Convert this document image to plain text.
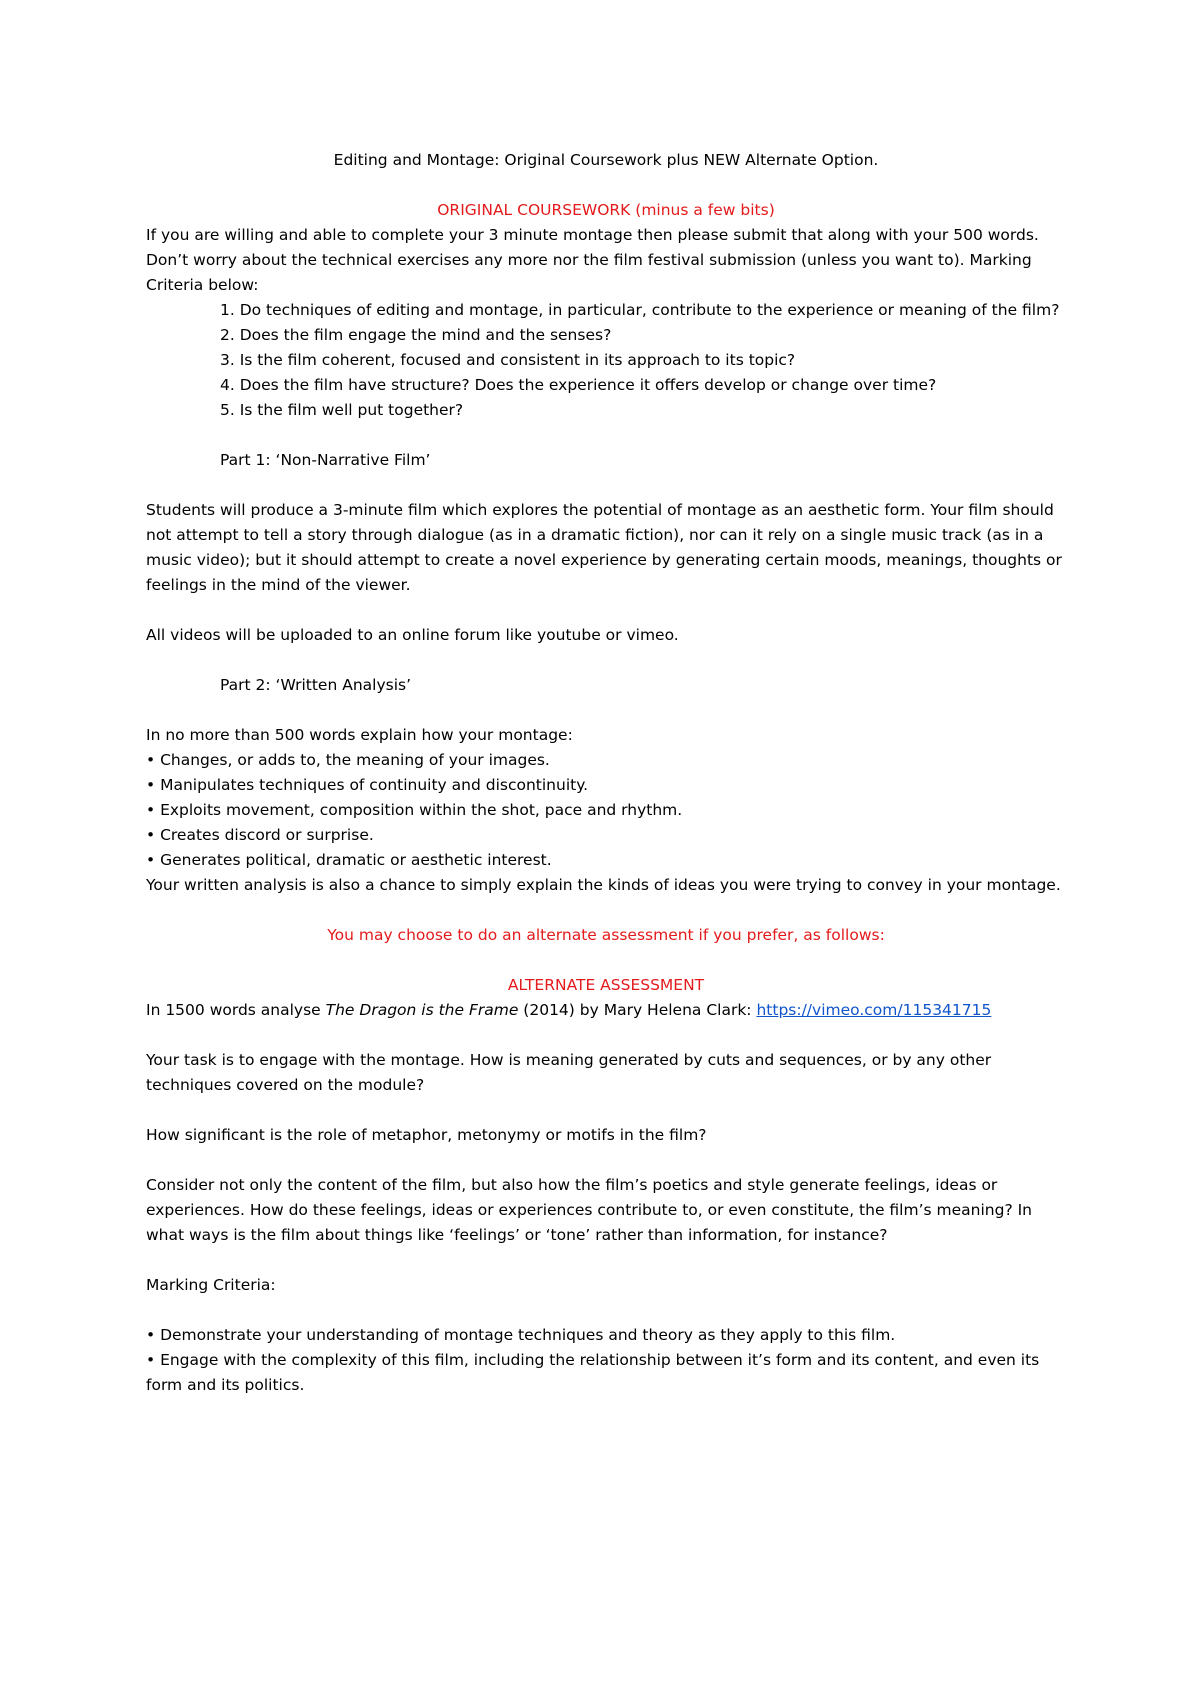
Editing and Montage: Original Coursework plus NEW Alternate Option.

ORIGINAL COURSEWORK (minus a few bits)

If you are willing and able to complete your 3 minute montage then please submit that along with your 500 words. Don’t worry about the technical exercises any more nor the film festival submission (unless you want to). Marking Criteria below:

1. Do techniques of editing and montage, in particular, contribute to the experience or meaning of the film?

2. Does the film engage the mind and the senses?

3. Is the film coherent, focused and consistent in its approach to its topic?

4. Does the film have structure? Does the experience it offers develop or change over time?

5. Is the film well put together?

Part 1: ‘Non-Narrative Film’

Students will produce a 3-minute film which explores the potential of montage as an aesthetic form. Your film should not attempt to tell a story through dialogue (as in a dramatic fiction), nor can it rely on a single music track (as in a music video); but it should attempt to create a novel experience by generating certain moods, meanings, thoughts or feelings in the mind of the viewer.

All videos will be uploaded to an online forum like youtube or vimeo.

Part 2: ‘Written Analysis’

In no more than 500 words explain how your montage:

• Changes, or adds to, the meaning of your images.

• Manipulates techniques of continuity and discontinuity.

• Exploits movement, composition within the shot, pace and rhythm.

• Creates discord or surprise.

• Generates political, dramatic or aesthetic interest.

Your written analysis is also a chance to simply explain the kinds of ideas you were trying to convey in your montage.

You may choose to do an alternate assessment if you prefer, as follows:

ALTERNATE ASSESSMENT

In 1500 words analyse The Dragon is the Frame (2014) by Mary Helena Clark: https://vimeo.com/115341715

Your task is to engage with the montage. How is meaning generated by cuts and sequences, or by any other techniques covered on the module?

How significant is the role of metaphor, metonymy or motifs in the film?

Consider not only the content of the film, but also how the film’s poetics and style generate feelings, ideas or experiences. How do these feelings, ideas or experiences contribute to, or even constitute, the film’s meaning? In what ways is the film about things like ‘feelings’ or ‘tone’ rather than information, for instance?

Marking Criteria:

• Demonstrate your understanding of montage techniques and theory as they apply to this film.

• Engage with the complexity of this film, including the relationship between it’s form and its content, and even its form and its politics.
